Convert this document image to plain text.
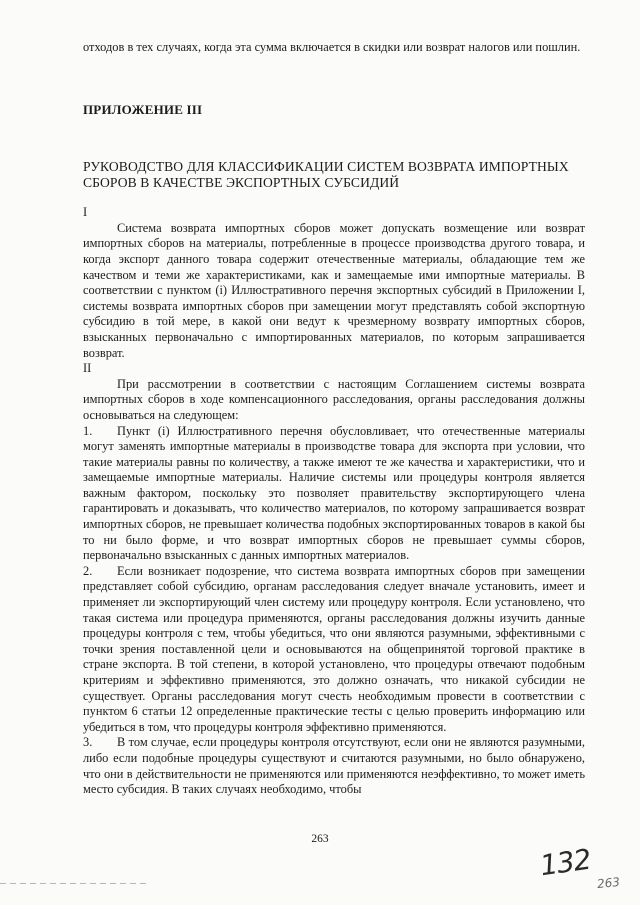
отходов в тех случаях, когда эта сумма включается в скидки или возврат налогов или пошлин.

ПРИЛОЖЕНИЕ III

РУКОВОДСТВО ДЛЯ КЛАССИФИКАЦИИ СИСТЕМ ВОЗВРАТА ИМПОРТНЫХ СБОРОВ В КАЧЕСТВЕ ЭКСПОРТНЫХ СУБСИДИЙ

I

Система возврата импортных сборов может допускать возмещение или возврат импортных сборов на материалы, потребленные в процессе производства другого товара, и когда экспорт данного товара содержит отечественные материалы, обладающие тем же качеством и теми же характеристиками, как и замещаемые ими импортные материалы. В соответствии с пунктом (i) Иллюстративного перечня экспортных субсидий в Приложении I, системы возврата импортных сборов при замещении могут представлять собой экспортную субсидию в той мере, в какой они ведут к чрезмерному возврату импортных сборов, взысканных первоначально с импортированных материалов, по которым запрашивается возврат.

II

При рассмотрении в соответствии с настоящим Соглашением системы возврата импортных сборов в ходе компенсационного расследования, органы расследования должны основываться на следующем:

1. Пункт (i) Иллюстративного перечня обусловливает, что отечественные материалы могут заменять импортные материалы в производстве товара для экспорта при условии, что такие материалы равны по количеству, а также имеют те же качества и характеристики, что и замещаемые импортные материалы. Наличие системы или процедуры контроля является важным фактором, поскольку это позволяет правительству экспортирующего члена гарантировать и доказывать, что количество материалов, по которому запрашивается возврат импортных сборов, не превышает количества подобных экспортированных товаров в какой бы то ни было форме, и что возврат импортных сборов не превышает суммы сборов, первоначально взысканных с данных импортных материалов.

2. Если возникает подозрение, что система возврата импортных сборов при замещении представляет собой субсидию, органам расследования следует вначале установить, имеет и применяет ли экспортирующий член систему или процедуру контроля. Если установлено, что такая система или процедура применяются, органы расследования должны изучить данные процедуры контроля с тем, чтобы убедиться, что они являются разумными, эффективными с точки зрения поставленной цели и основываются на общепринятой торговой практике в стране экспорта. В той степени, в которой установлено, что процедуры отвечают подобным критериям и эффективно применяются, это должно означать, что никакой субсидии не существует. Органы расследования могут счесть необходимым провести в соответствии с пунктом 6 статьи 12 определенные практические тесты с целью проверить информацию или убедиться в том, что процедуры контроля эффективно применяются.

3. В том случае, если процедуры контроля отсутствуют, если они не являются разумными, либо если подобные процедуры существуют и считаются разумными, но было обнаружено, что они в действительности не применяются или применяются неэффективно, то может иметь место субсидия. В таких случаях необходимо, чтобы

263
132
263
